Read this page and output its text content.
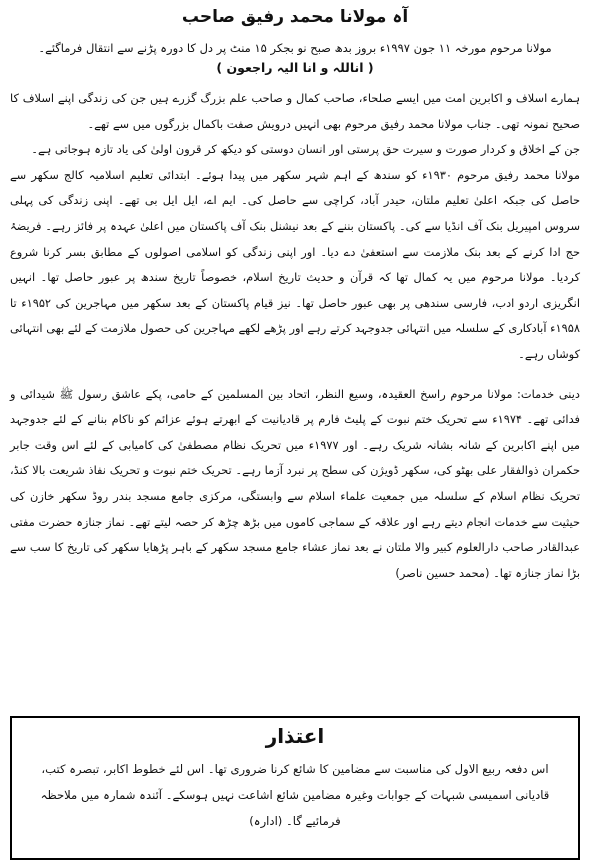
آہ مولانا محمد رفیق صاحب

مولانا مرحوم مورخہ ۱۱ جون ۱۹۹۷ء بروز بدھ صبح نو بجکر ۱۵ منٹ پر دل کا دورہ پڑنے سے انتقال فرماگئے۔

( اناللہ و انا الیہ راجعون )

ہمارے اسلاف و اکابرین امت میں ایسے صلحاء، صاحب کمال و صاحب علم بزرگ گزرے ہیں جن کی زندگی اپنے اسلاف کا صحیح نمونہ تھی۔ جناب مولانا محمد رفیق مرحوم بھی انہیں درویش صفت باکمال بزرگوں میں سے تھے۔

جن کے اخلاق و کردار صورت و سیرت حق پرستی اور انسان دوستی کو دیکھ کر قرون اولیٰ کی یاد تازہ ہوجاتی ہے۔

مولانا محمد رفیق مرحوم ۱۹۳۰ء کو سندھ کے اہم شہر سکھر میں پیدا ہوئے۔ ابتدائی تعلیم اسلامیہ کالج سکھر سے حاصل کی جبکہ اعلیٰ تعلیم ملتان، حیدر آباد، کراچی سے حاصل کی۔ ایم اے، ایل ایل بی تھے۔ اپنی زندگی کی پہلی سروس امپیریل بنک آف انڈیا سے کی۔ پاکستان بننے کے بعد نیشنل بنک آف پاکستان میں اعلیٰ عہدہ پر فائز رہے۔ فریضۂ حج ادا کرنے کے بعد بنک ملازمت سے استعفیٰ دے دیا۔ اور اپنی زندگی کو اسلامی اصولوں کے مطابق بسر کرنا شروع کردیا۔ مولانا مرحوم میں یہ کمال تھا کہ قرآن و حدیث تاریخ اسلام، خصوصاً تاریخ سندھ پر عبور حاصل تھا۔ انہیں انگریزی اردو ادب، فارسی سندھی پر بھی عبور حاصل تھا۔ نیز قیام پاکستان کے بعد سکھر میں مہاجرین کی ۱۹۵۲ء تا ۱۹۵۸ء آبادکاری کے سلسلہ میں انتہائی جدوجہد کرتے رہے اور پڑھے لکھے مہاجرین کی حصول ملازمت کے لئے بھی انتہائی کوشاں رہے۔

دینی خدمات: مولانا مرحوم راسخ العقیدہ، وسیع النظر، اتحاد بین المسلمین کے حامی، پکے عاشق رسول ﷺ شیدائی و فدائی تھے۔ ۱۹۷۴ء سے تحریک ختم نبوت کے پلیٹ فارم پر قادیانیت کے ابھرتے ہوئے عزائم کو ناکام بنانے کے لئے جدوجہد میں اپنے اکابرین کے شانہ بشانہ شریک رہے۔ اور ۱۹۷۷ء میں تحریک نظام مصطفیٰ کی کامیابی کے لئے اس وقت جابر حکمران ذوالفقار علی بھٹو کی، سکھر ڈویژن کی سطح پر نبرد آزما رہے۔ تحریک ختم نبوت و تحریک نفاذ شریعت بالا کنڈ، تحریک نظام اسلام کے سلسلہ میں جمعیت علماء اسلام سے وابستگی، مرکزی جامع مسجد بندر روڈ سکھر خازن کی حیثیت سے خدمات انجام دیتے رہے اور علاقہ کے سماجی کاموں میں بڑھ چڑھ کر حصہ لیتے تھے۔ نماز جنازہ حضرت مفتی عبدالقادر صاحب دارالعلوم کبیر والا ملتان نے بعد نماز عشاء جامع مسجد سکھر کے باہر پڑھایا سکھر کی تاریخ کا سب سے بڑا نماز جنازہ تھا۔ (محمد حسین ناصر)

اعتذار

اس دفعہ ربیع الاول کی مناسبت سے مضامین کا شائع کرنا ضروری تھا۔ اس لئے خطوط اکابر، تبصرہ کتب، قادیانی اسمیسی شبہات کے جوابات وغیرہ مضامین شائع اشاعت نہیں ہوسکے۔ آئندہ شمارہ میں ملاحظہ فرمائیے گا۔ (ادارہ)
